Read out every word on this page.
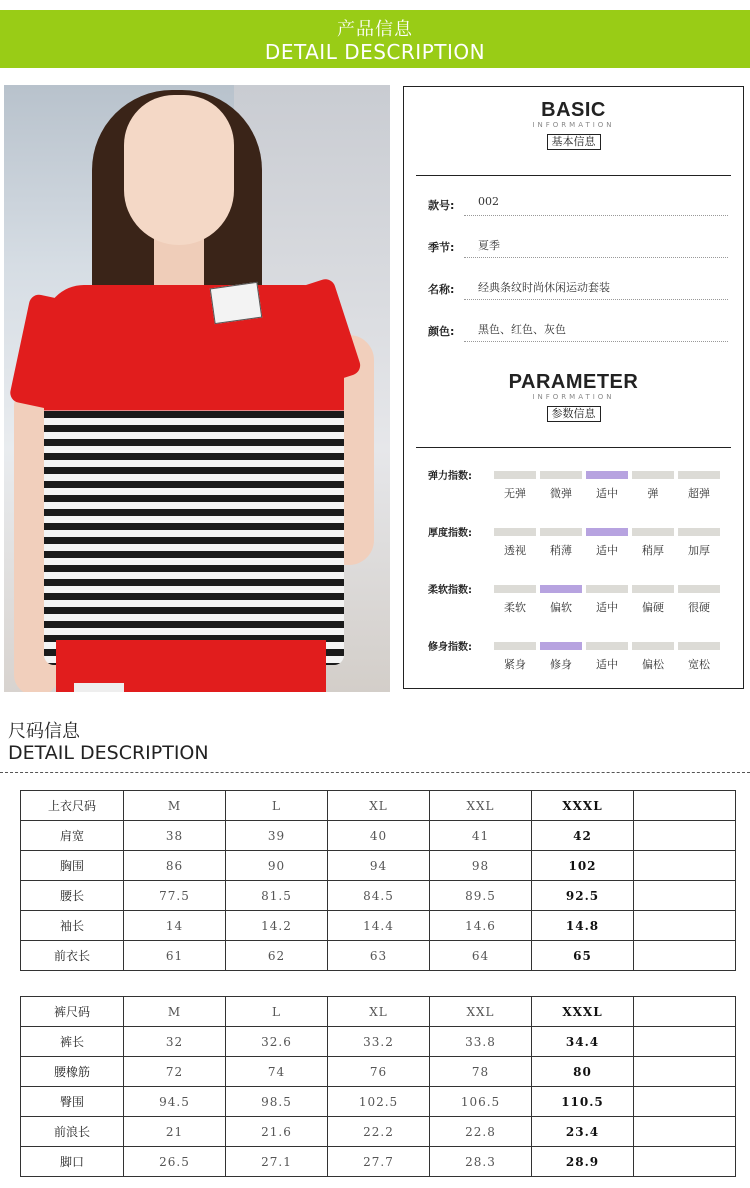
产品信息
DETAIL DESCRIPTION
BASIC
INFORMATION
基本信息
款号: 002
季节: 夏季
名称: 经典条纹时尚休闲运动套装
颜色: 黑色、红色、灰色
PARAMETER
INFORMATION
参数信息
弹力指数:
无弹	微弹	适中	弹	超弹
厚度指数:
透视	稍薄	适中	稍厚	加厚
柔软指数:
柔软	偏软	适中	偏硬	很硬
修身指数:
紧身	修身	适中	偏松	宽松
尺码信息
DETAIL DESCRIPTION
上衣尺码	M	L	XL	XXL	XXXL	
肩宽	38	39	40	41	42	
胸围	86	90	94	98	102	
腰长	77.5	81.5	84.5	89.5	92.5	
袖长	14	14.2	14.4	14.6	14.8	
前衣长	61	62	63	64	65	
裤尺码	M	L	XL	XXL	XXXL	
裤长	32	32.6	33.2	33.8	34.4	
腰橡筋	72	74	76	78	80	
臀围	94.5	98.5	102.5	106.5	110.5	
前浪长	21	21.6	22.2	22.8	23.4	
脚口	26.5	27.1	27.7	28.3	28.9	
